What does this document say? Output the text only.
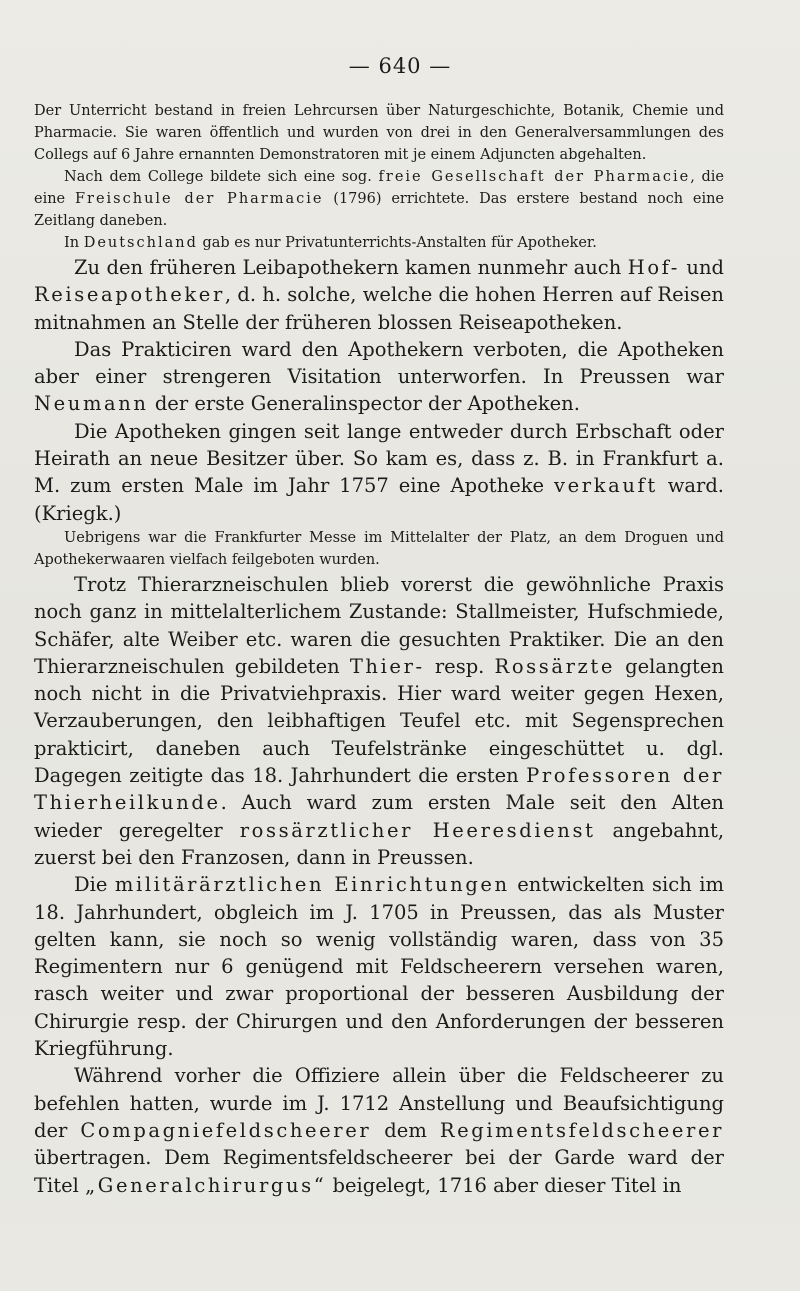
— 640 —

Der Unterricht bestand in freien Lehrcursen über Naturgeschichte, Botanik, Chemie und Pharmacie. Sie waren öffentlich und wurden von drei in den Generalversammlungen des Collegs auf 6 Jahre ernannten Demonstratoren mit je einem Adjuncten abgehalten.

Nach dem College bildete sich eine sog. freie Gesellschaft der Pharmacie, die eine Freischule der Pharmacie (1796) errichtete. Das erstere bestand noch eine Zeitlang daneben.

In Deutschland gab es nur Privatunterrichts-Anstalten für Apotheker.

Zu den früheren Leibapothekern kamen nunmehr auch Hof- und Reiseapotheker, d. h. solche, welche die hohen Herren auf Reisen mitnahmen an Stelle der früheren blossen Reiseapotheken.

Das Prakticiren ward den Apothekern verboten, die Apotheken aber einer strengeren Visitation unterworfen. In Preussen war Neumann der erste Generalinspector der Apotheken.

Die Apotheken gingen seit lange entweder durch Erbschaft oder Heirath an neue Besitzer über. So kam es, dass z. B. in Frankfurt a. M. zum ersten Male im Jahr 1757 eine Apotheke verkauft ward. (Kriegk.)

Uebrigens war die Frankfurter Messe im Mittelalter der Platz, an dem Droguen und Apothekerwaaren vielfach feilgeboten wurden.

Trotz Thierarzneischulen blieb vorerst die gewöhnliche Praxis noch ganz in mittelalterlichem Zustande: Stallmeister, Hufschmiede, Schäfer, alte Weiber etc. waren die gesuchten Praktiker. Die an den Thierarzneischulen gebildeten Thier- resp. Rossärzte gelangten noch nicht in die Privatviehpraxis. Hier ward weiter gegen Hexen, Verzauberungen, den leibhaftigen Teufel etc. mit Segensprechen prakticirt, daneben auch Teufelstränke eingeschüttet u. dgl. Dagegen zeitigte das 18. Jahrhundert die ersten Professoren der Thierheilkunde. Auch ward zum ersten Male seit den Alten wieder geregelter rossärztlicher Heeresdienst angebahnt, zuerst bei den Franzosen, dann in Preussen.

Die militärärztlichen Einrichtungen entwickelten sich im 18. Jahrhundert, obgleich im J. 1705 in Preussen, das als Muster gelten kann, sie noch so wenig vollständig waren, dass von 35 Regimentern nur 6 genügend mit Feldscheerern versehen waren, rasch weiter und zwar proportional der besseren Ausbildung der Chirurgie resp. der Chirurgen und den Anforderungen der besseren Kriegführung.

Während vorher die Offiziere allein über die Feldscheerer zu befehlen hatten, wurde im J. 1712 Anstellung und Beaufsichtigung der Compagniefeldscheerer dem Regimentsfeldscheerer übertragen. Dem Regimentsfeldscheerer bei der Garde ward der Titel „Generalchirurgus“ beigelegt, 1716 aber dieser Titel in
